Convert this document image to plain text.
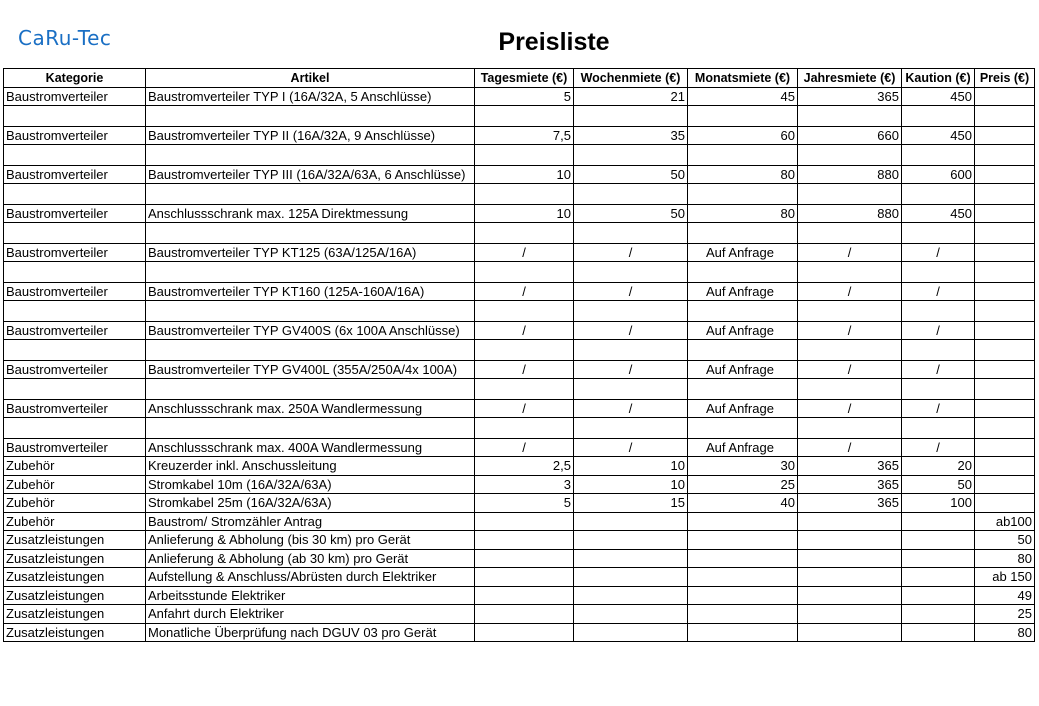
CaRu-Tec	Preisliste
Kategorie	Artikel	Tagesmiete (€)	Wochenmiete (€)	Monatsmiete (€)	Jahresmiete (€)	Kaution (€)	Preis (€)
Baustromverteiler	Baustromverteiler TYP I (16A/32A, 5 Anschlüsse)	5	21	45	365	450	

Baustromverteiler	Baustromverteiler TYP II (16A/32A, 9 Anschlüsse)	7,5	35	60	660	450	

Baustromverteiler	Baustromverteiler TYP III (16A/32A/63A, 6 Anschlüsse)	10	50	80	880	600	

Baustromverteiler	Anschlussschrank max. 125A Direktmessung	10	50	80	880	450	

Baustromverteiler	Baustromverteiler TYP KT125 (63A/125A/16A)	/	/	Auf Anfrage	/	/	

Baustromverteiler	Baustromverteiler TYP KT160 (125A-160A/16A)	/	/	Auf Anfrage	/	/	

Baustromverteiler	Baustromverteiler TYP GV400S (6x 100A Anschlüsse)	/	/	Auf Anfrage	/	/	

Baustromverteiler	Baustromverteiler TYP GV400L (355A/250A/4x 100A)	/	/	Auf Anfrage	/	/	

Baustromverteiler	Anschlussschrank max. 250A Wandlermessung	/	/	Auf Anfrage	/	/	

Baustromverteiler	Anschlussschrank max. 400A Wandlermessung	/	/	Auf Anfrage	/	/	
Zubehör	Kreuzerder inkl. Anschussleitung	2,5	10	30	365	20	
Zubehör	Stromkabel 10m (16A/32A/63A)	3	10	25	365	50	
Zubehör	Stromkabel 25m (16A/32A/63A)	5	15	40	365	100	
Zubehör	Baustrom/ Stromzähler Antrag						ab100
Zusatzleistungen	Anlieferung & Abholung (bis 30 km) pro Gerät						50
Zusatzleistungen	Anlieferung & Abholung (ab 30 km) pro Gerät						80
Zusatzleistungen	Aufstellung & Anschluss/Abrüsten durch Elektriker						ab 150
Zusatzleistungen	Arbeitsstunde Elektriker						49
Zusatzleistungen	Anfahrt durch Elektriker						25
Zusatzleistungen	Monatliche Überprüfung nach DGUV 03 pro Gerät						80
